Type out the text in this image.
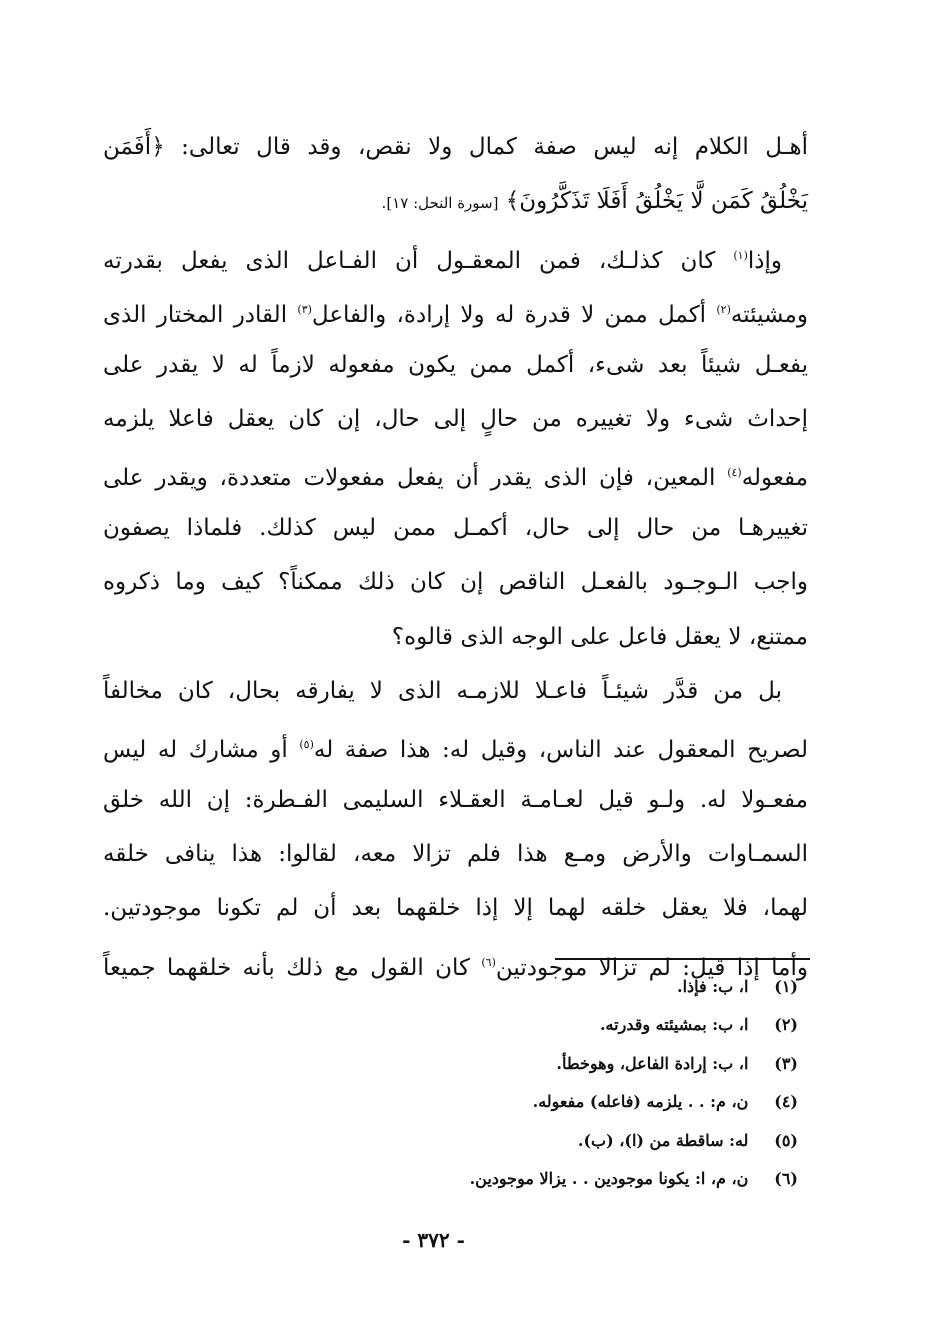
أهـل الكلام إنه ليس صفة كمال ولا نقص، وقد قال تعالى: ﴿أَفَمَن
يَخْلُقُ كَمَن لَّا يَخْلُقُ أَفَلَا تَذَكَّرُونَ﴾ [سورة النحل: ١٧].
وإذا$^{(١)}$ كان كذلـك، فمن المعقـول أن الفـاعل الذى يفعل بقدرته
ومشيئته$^{(٢)}$ أكمل ممن لا قدرة له ولا إرادة، والفاعل$^{(٣)}$ القادر المختار الذى
يفعـل شيئاً بعد شىء، أكمل ممن يكون مفعوله لازماً له لا يقدر على
إحداث شىء ولا تغييره من حالٍ إلى حال، إن كان يعقل فاعلا يلزمه
مفعوله$^{(٤)}$ المعين، فإن الذى يقدر أن يفعل مفعولات متعددة، ويقدر على
تغييرهـا من حال إلى حال، أكمـل ممن ليس كذلك. فلماذا يصفون
واجب الـوجـود بالفعـل الناقص إن كان ذلك ممكناً؟ كيف وما ذكروه
ممتنع، لا يعقل فاعل على الوجه الذى قالوه؟
بل من قدَّر شيئـاً فاعـلا للازمـه الذى لا يفارقه بحال، كان مخالفاً
لصريح المعقول عند الناس، وقيل له: هذا صفة له$^{(٥)}$ أو مشارك له ليس
مفعـولا له. ولـو قيل لعـامـة العقـلاء السليمى الفـطرة: إن الله خلق
السمـاوات والأرض ومـع هذا فلم تزالا معه، لقالوا: هذا ينافى خلقه
لهما، فلا يعقل خلقه لهما إلا إذا خلقهما بعد أن لم تكونا موجودتين.
وأما إذا قيل: لم تزالا موجودتين$^{(٦)}$ كان القول مع ذلك بأنه خلقهما جميعاً
(١) ا، ب: فإذا.
(٢) ا، ب: بمشيئته وقدرته.
(٣) ا، ب: إرادة الفاعل، وهوخطأ.
(٤) ن، م: . . يلزمه (فاعله) مفعوله.
(٥) له: ساقطة من (ا)، (ب).
(٦) ن، م، ا: يكونا موجودين . . يزالا موجودين.
- ٣٧٢ -
